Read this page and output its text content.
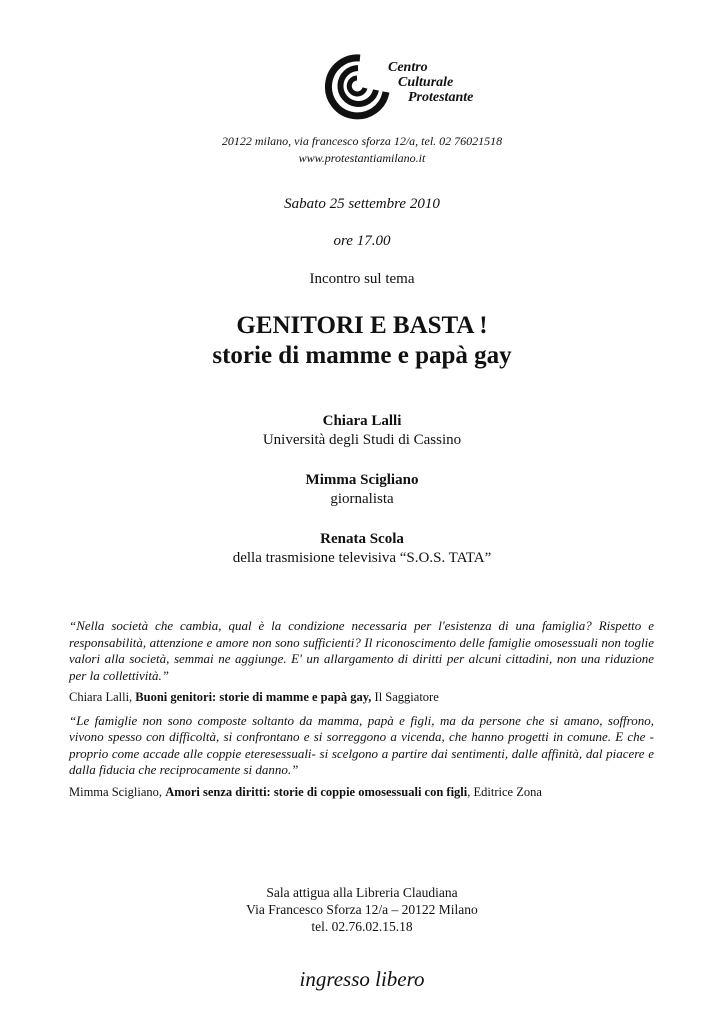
Centro
Culturale
Protestante
20122 milano, via francesco sforza 12/a, tel. 02 76021518
www.protestantiamilano.it
Sabato 25 settembre 2010
ore 17.00
Incontro sul tema
GENITORI E BASTA !
storie di mamme e papà gay
Chiara Lalli
Università degli Studi di Cassino
Mimma Scigliano
giornalista
Renata Scola
della trasmisione televisiva “S.O.S. TATA”

“Nella società che cambia, qual è la condizione necessaria per l'esistenza di una famiglia? Rispetto e responsabilità, attenzione e amore non sono sufficienti? Il riconoscimento delle famiglie omosessuali non toglie valori alla società, semmai ne aggiunge. E' un allargamento di diritti per alcuni cittadini, non una riduzione per la collettività.”

Chiara Lalli, Buoni genitori: storie di mamme e papà gay, Il Saggiatore

“Le famiglie non sono composte soltanto da mamma, papà e figli, ma da persone che si amano, soffrono, vivono spesso con difficoltà, si confrontano e si sorreggono a vicenda, che hanno progetti in comune. E che -proprio come accade alle coppie eteresessuali- si scelgono a partire dai sentimenti, dalle affinità, dal piacere e dalla fiducia che reciprocamente si danno.”

Mimma Scigliano, Amori senza diritti: storie di coppie omosessuali con figli, Editrice Zona
Sala attigua alla Libreria Claudiana
Via Francesco Sforza 12/a – 20122 Milano
tel. 02.76.02.15.18
ingresso libero
